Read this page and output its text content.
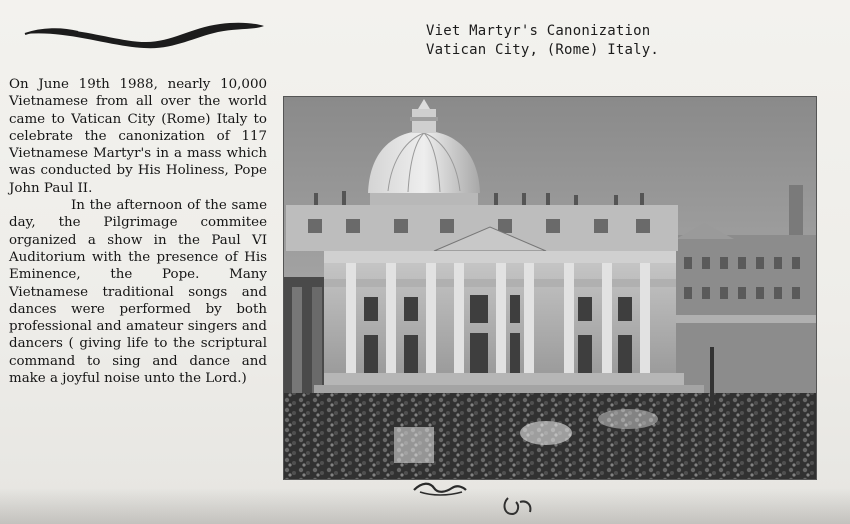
Viet Martyr's Canonization
Vatican City, (Rome) Italy.

On June 19th 1988, nearly 10,000 Vietnamese from all over the world came to Vatican City (Rome) Italy to celebrate the canonization of 117 Vietnamese Martyr's in a mass which was conducted by His Holiness, Pope John Paul II.

In the afternoon of the same day, the Pilgrimage commitee organized a show in the Paul VI Auditorium with the presence of His Eminence, the Pope. Many Vietnamese traditional songs and dances were performed by both professional and amateur singers and dancers ( giving life to the scriptural command to sing and dance and make a joyful noise unto the Lord.)
